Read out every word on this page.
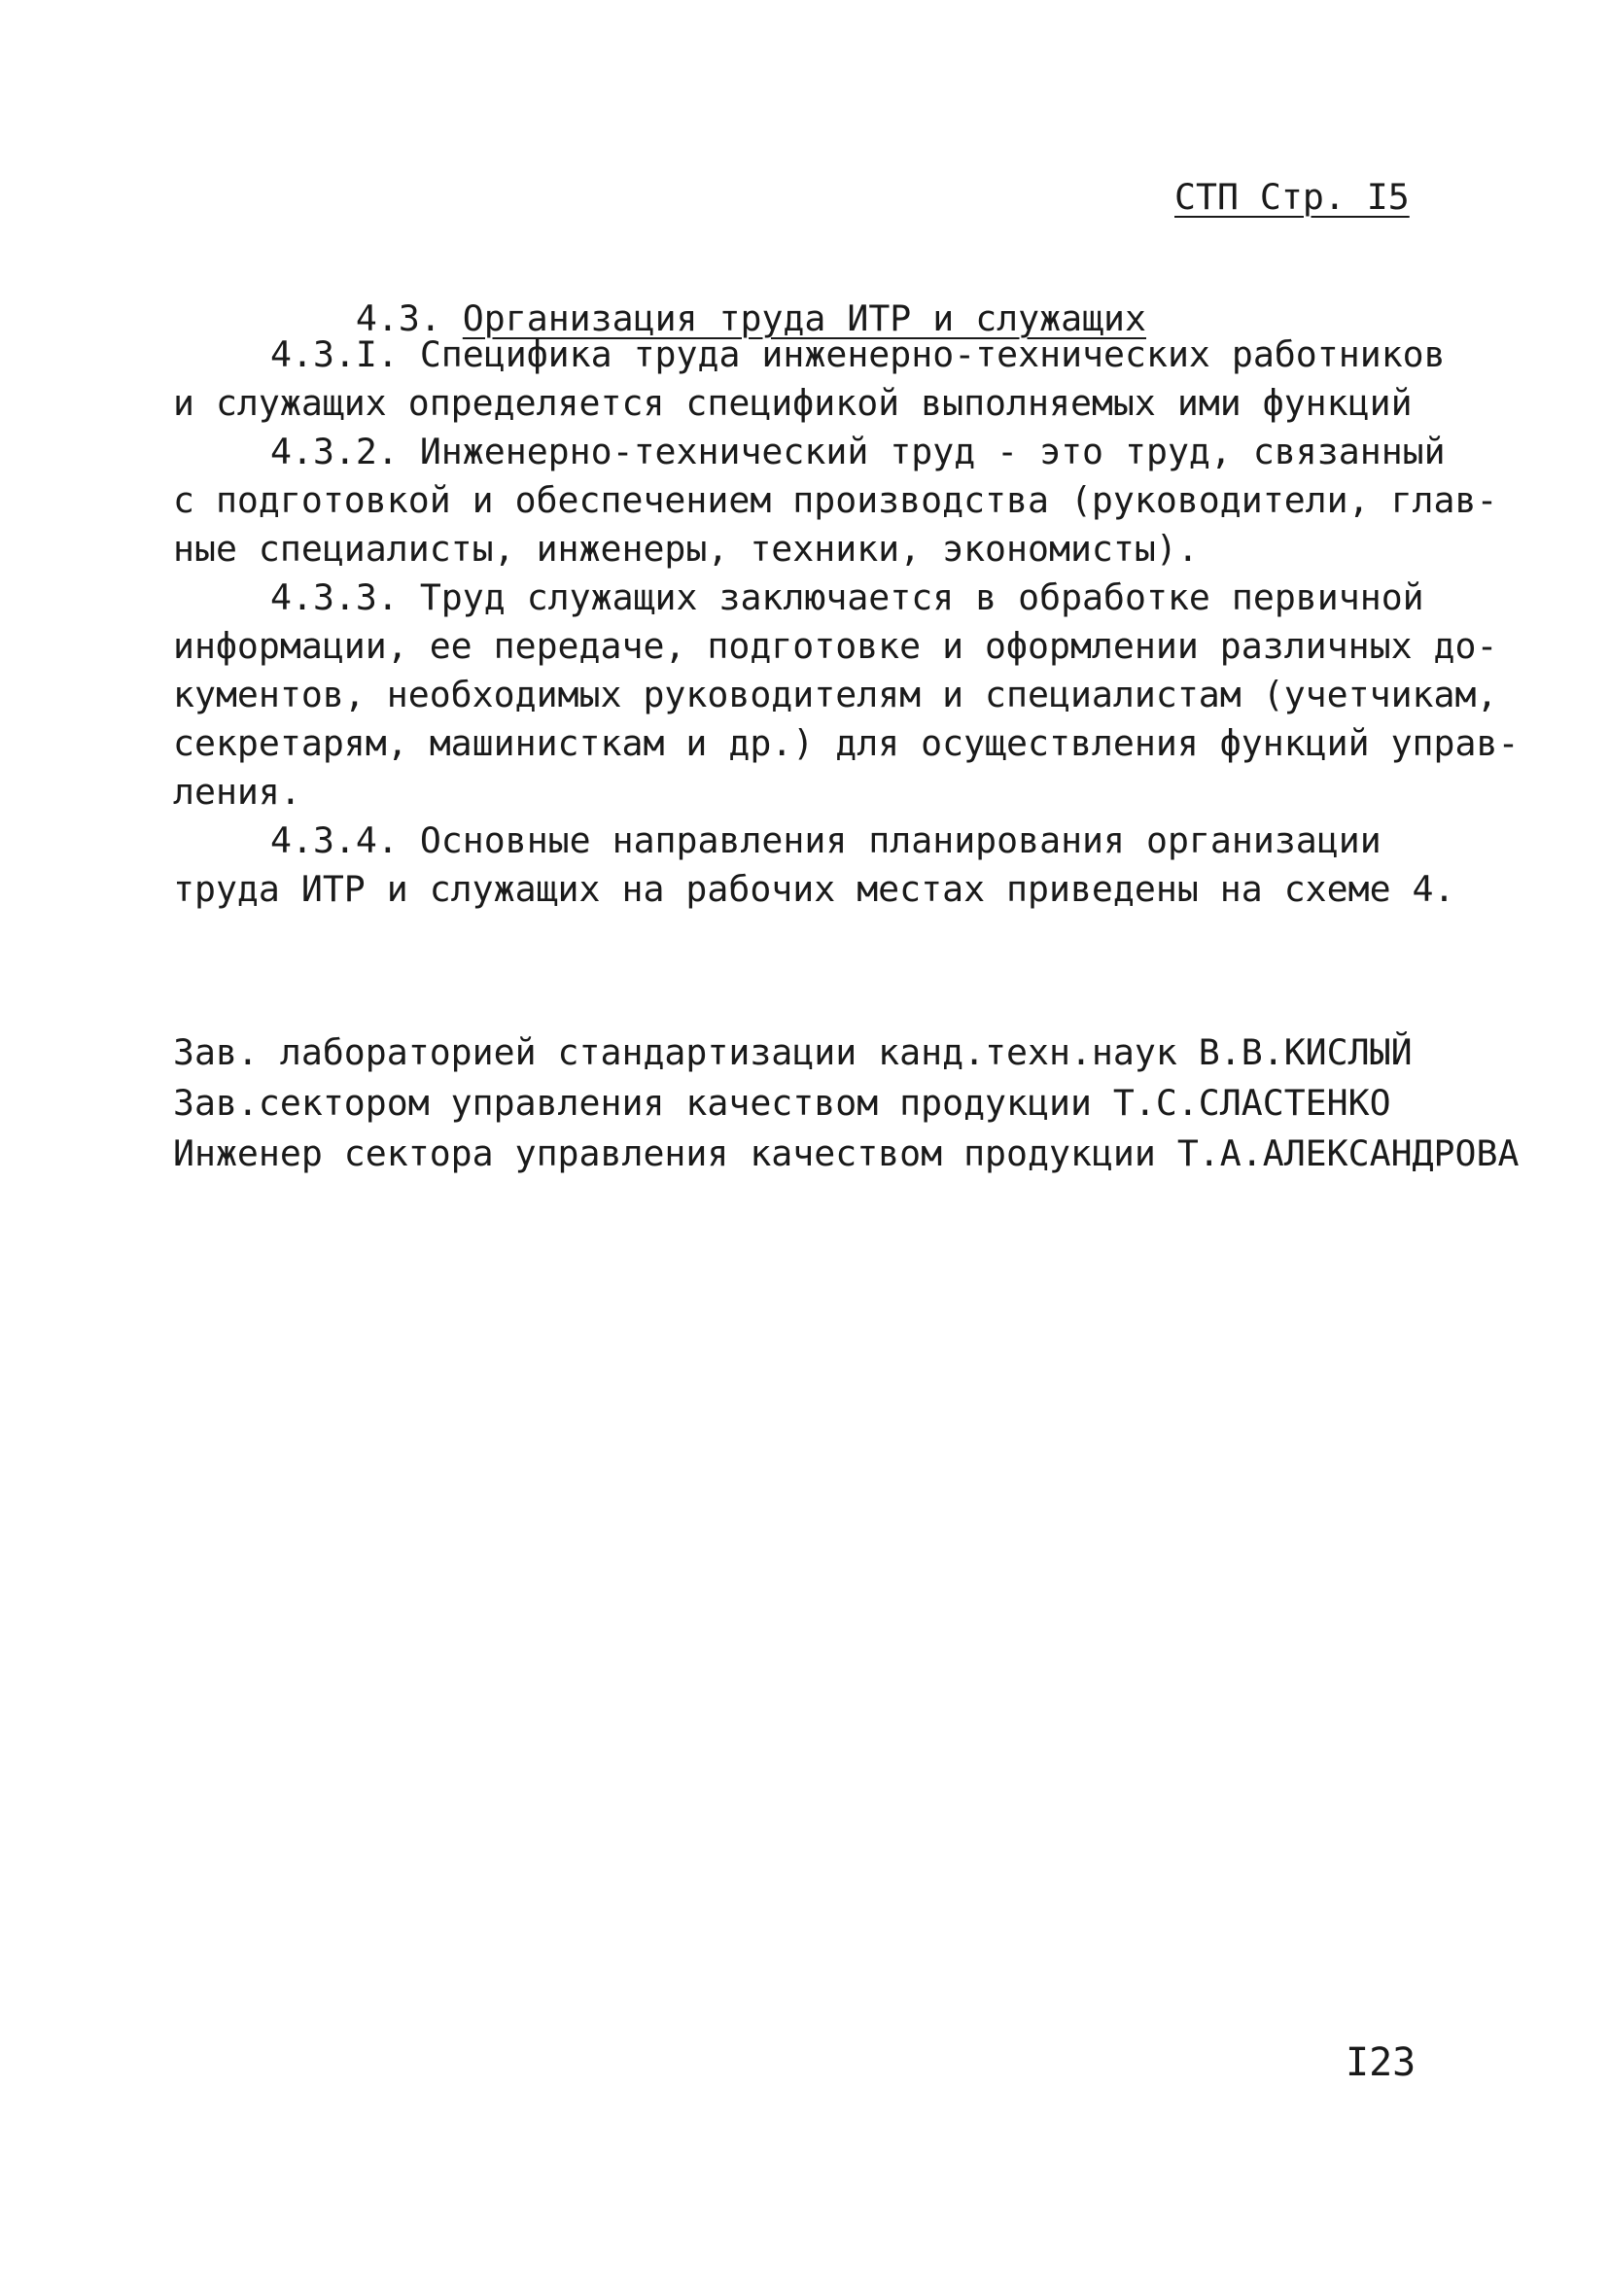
СТП Стр. I5

4.3. Организация труда ИТР и служащих

4.3.I. Специфика труда инженерно-технических работников
и служащих определяется спецификой выполняемых ими функций
4.3.2. Инженерно-технический труд - это труд, связанный
с подготовкой и обеспечением производства (руководители, глав-
ные специалисты, инженеры, техники, экономисты).
4.3.3. Труд служащих заключается в обработке первичной
информации, ее передаче, подготовке и оформлении различных до-
кументов, необходимых руководителям и специалистам (учетчикам,
секретарям, машинисткам и др.) для осуществления функций управ-
ления.
4.3.4. Основные направления планирования организации
труда ИТР и служащих на рабочих местах приведены на схеме 4.
Зав. лабораторией стандартизации канд.техн.наук В.В.КИСЛЫЙ
Зав.сектором управления качеством продукции Т.С.СЛАСТЕНКО
Инженер сектора управления качеством продукции Т.А.АЛЕКСАНДРОВА
I23
